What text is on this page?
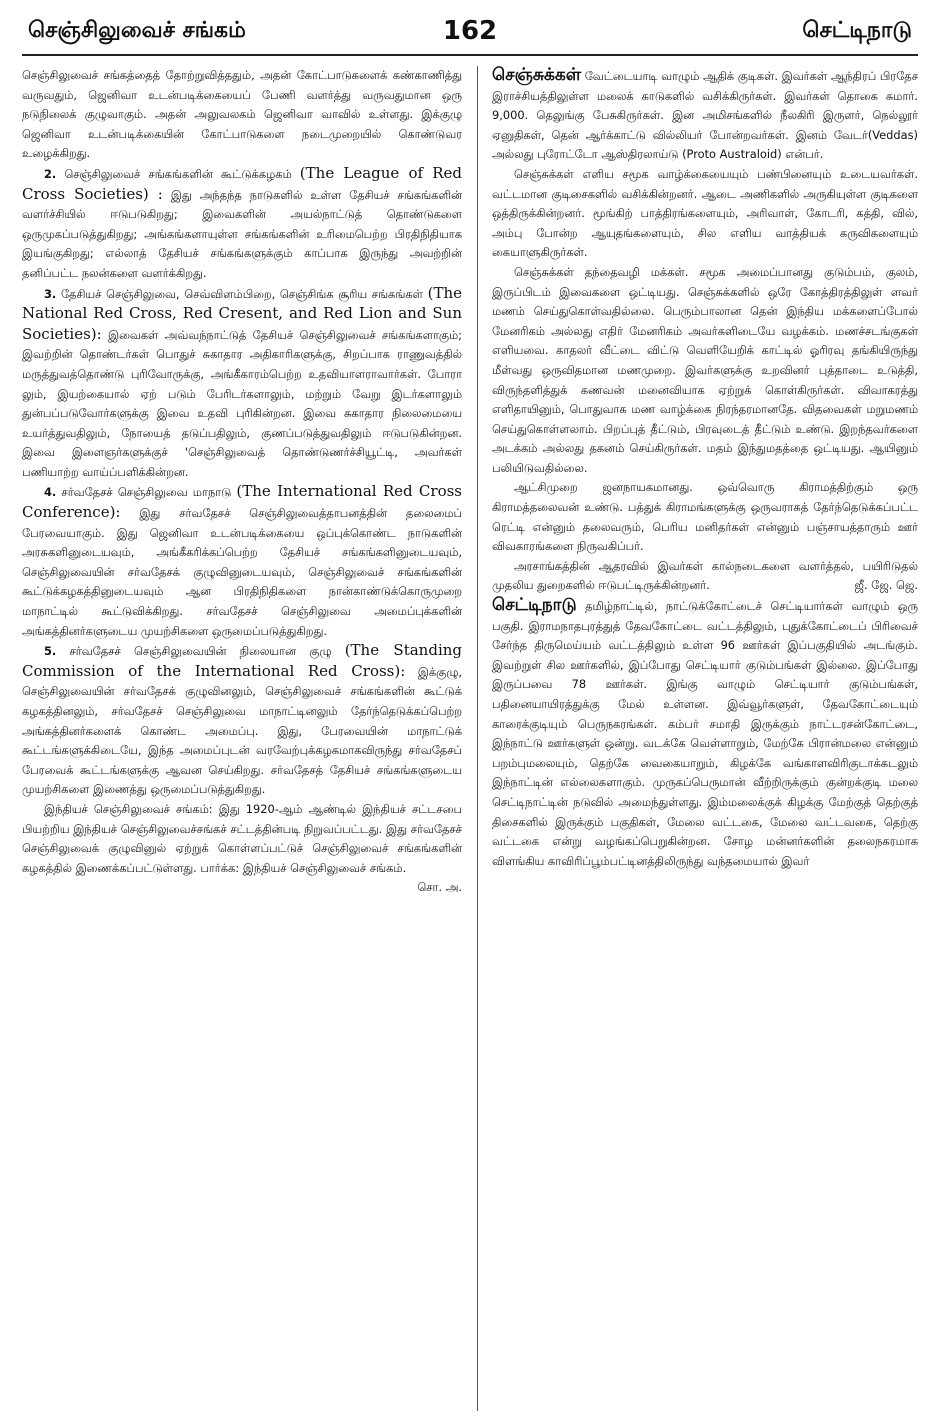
செஞ்சிலுவைச் சங்கம்	162	செட்டிநாடு

செஞ்சிலுவைச் சங்கத்தைத் தோற்றுவித்ததும், அதன் கோட்பாடுகளைக் கண்காணித்து வருவதும், ஜெனிவா உடன்படிக்கையைப் பேணி வளர்த்து வருவதுமான ஒரு நடுநிலைக் குழுவாகும். அதன் அலுவலகம் ஜெனிவா வாவில் உள்ளது. இக்குழு ஜெனிவா உடன்படிக்கையின் கோட்பாடுகளை நடைமுறையில் கொண்டுவர உழைக்கிறது.

2. செஞ்சிலுவைச் சங்கங்களின் கூட்டுக்கழகம் (The League of Red Cross Societies) : இது அந்தந்த நாடுகளில் உள்ள தேசியச் சங்கங்களின் வளர்ச்சியில் ஈடுபடுகிறது; இவைகளின் அயல்நாட்டுத் தொண்டுகளை ஒருமுகப்படுத்துகிறது; அங்கங்களாயுள்ள சங்கங்களின் உரிமைபெற்ற பிரதிநிதியாக இயங்குகிறது; எல்லாத் தேசியச் சங்கங்களுக்கும் காப்பாக இருந்து அவற்றின் தனிப்பட்ட நலன்களை வளர்க்கிறது.

3. தேசியச் செஞ்சிலுவை, செவ்விளம்பிறை, செஞ்சிங்க சூரிய சங்கங்கள் (The National Red Cross, Red Cresent, and Red Lion and Sun Societies): இவைகள் அவ்வந்நாட்டுத் தேசியச் செஞ்சிலுவைச் சங்கங்களாகும்; இவற்றின் தொண்டர்கள் பொதுச் சுகாதார அதிகாரிகளுக்கு, சிறப்பாக ராணுவத்தில் மருத்துவத்தொண்டு புரிவோருக்கு, அங்கீகாரம்பெற்ற உதவியாளராவார்கள். போரா லும், இயற்கையால் ஏற் படும் பேரிடர்களாலும், மற்றும் வேறு இடர்களாலும் துன்பப்படுவோர்களுக்கு இவை உதவி புரிகின்றன. இவை சுகாதார நிலைமையை உயர்த்துவதிலும், நோயைத் தடுப்பதிலும், குணப்படுத்துவதிலும் ஈடுபடுகின்றன. இவை இளைஞர்களுக்குச் 'செஞ்சிலுவைத் தொண்டுணர்ச்சியூட்டி, அவர்கள் பணியாற்ற வாய்ப்பளிக்கின்றன.

4. சர்வதேசச் செஞ்சிலுவை மாநாடு (The International Red Cross Conference): இது சர்வதேசச் செஞ்சிலுவைத்தாபனத்தின் தலைமைப் பேரவையாகும். இது ஜெனிவா உடன்படிக்கையை ஒப்புக்கொண்ட நாடுகளின் அரசுகளினுடையவும், அங்கீகரிக்கப்பெற்ற தேசியச் சங்கங்களினுடையவும், செஞ்சிலுவையின் சர்வதேசக் குழுவினுடையவும், செஞ்சிலுவைச் சங்கங்களின் கூட்டுக்கழகத்தினுடையவும் ஆன பிரதிநிதிகளை நான்காண்டுக்கொருமுறை மாநாட்டில் கூட்டுவிக்கிறது. சர்வதேசச் செஞ்சிலுவை அமைப்புக்களின் அங்கத்தினர்களுடைய முயற்சிகளை ஒருமைப்படுத்துகிறது.

5. சர்வதேசச் செஞ்சிலுவையின் நிலையான குழு (The Standing Commission of the International Red Cross): இக்குழு, செஞ்சிலுவையின் சர்வதேசக் குழுவினலும், செஞ்சிலுவைச் சங்கங்களின் கூட்டுக் கழகத்தினலும், சர்வதேசச் செஞ்சிலுவை மாநாட்டினலும் தேர்ந்தெடுக்கப்பெற்ற அங்கத்தினர்களைக் கொண்ட அமைப்பு. இது, பேரவையின் மாநாட்டுக் கூட்டங்களுக்கிடையே, இந்த அமைப்புடன் வரவேற்புக்கழகமாகவிருந்து சர்வதேசப் பேரவைக் கூட்டங்களுக்கு ஆவன செய்கிறது. சர்வதேசத் தேசியச் சங்கங்களுடைய முயற்சிகளை இணைத்து ஒருமைப்படுத்துகிறது.

இந்தியச் செஞ்சிலுவைச் சங்கம்: இது 1920-ஆம் ஆண்டில் இந்தியச் சட்டசபை பியற்றிய இந்தியச் செஞ்சிலுவைச்சங்கச் சட்டத்தின்படி நிறுவப்பட்டது. இது சர்வதேசச் செஞ்சிலுவைக் குழுவினுல் ஏற்றுக் கொள்ளப்பட்டுச் செஞ்சிலுவைச் சங்கங்களின் கழகத்தில் இணைக்கப்பட்டுள்ளது. பார்க்க: இந்தியச் செஞ்சிலுவைச் சங்கம்.
சொ. அ.

செஞ்சுக்கள் வேட்டையாடி வாழும் ஆதிக் குடிகள். இவர்கள் ஆந்திரப் பிரதேச இராச்சியத்திலுள்ள மலைக் காடுகளில் வசிக்கிருர்கள். இவர்கள் தொகை சுமார். 9,000. தெலுங்கு பேசுகிருர்கள். இன அமிசங்களில் நீலகிரி இருளர், நெல்லூர் ஏனுதிகள், தென் ஆர்க்காட்டு வில்லியர் போன்றவர்கள். இனம் வேடர்(Veddas) அல்லது புரோட்டோ ஆஸ்திரலாய்டு (Proto Australoid) என்பர்.

செஞ்சுக்கள் எளிய சமூக வாழ்க்கையையும் பண்பினையும் உடையவர்கள். வட்டமான குடிசைகளில் வசிக்கின்றனர். ஆடை அணிகளில் அருகியுள்ள குடிகளை ஒத்திருக்கின்றனர். மூங்கிற் பாத்திரங்களையும், அரிவாள், கோடரி, கத்தி, வில், அம்பு போன்ற ஆயுதங்களையும், சில எளிய வாத்தியக் கருவிகளையும் கையாளுகிருர்கள்.

செஞ்சுக்கள் தந்தைவழி மக்கள். சமூக அமைப்பானது குடும்பம், குலம், இருப்பிடம் இவைகளை ஒட்டியது. செஞ்சுக்களில் ஒரே கோத்திரத்திலுள் ளவர் மணம் செய்துகொள்வதில்லை. பெரும்பாலான தென் இந்திய மக்களைப்போல் மேனரிகம் அல்லது எதிர் மேனரிகம் அவர்களிடையே வழக்கம். மணச்சடங்குகள் எளியவை. காதலர் வீட்டை விட்டு வெளியேறிக் காட்டில் ஓரிரவு தங்கியிருந்து மீள்வது ஒருவிதமான மணமுறை. இவர்களுக்கு உறவினர் புத்தாடை உடுத்தி, விருந்தளித்துக் கணவன் மனைவியாக ஏற்றுக் கொள்கிருர்கள். விவாகரத்து எளிதாயினும், பொதுவாக மண வாழ்க்கை நிரந்தரமானதே. விதவைகள் மறுமணம் செய்துகொள்ளலாம். பிறப்புத் தீட்டும், பிரவுடைத் தீட்டும் உண்டு. இறந்தவர்களை அடக்கம் அல்லது தகனம் செய்கிருர்கள். மதம் இந்துமதத்தை ஒட்டியது. ஆயினும் பலியிடுவதில்லை.

ஆட்சிமுறை ஜனநாயகமானது. ஒவ்வொரு கிராமத்திற்கும் ஒரு கிராமத்தலைவன் உண்டு. பத்துக் கிராமங்களுக்கு ஒருவராகத் தேர்ந்தெடுக்கப்பட்ட ரெட்டி என்னும் தலைவரும், பெரிய மனிதர்கள் என்னும் பஞ்சாயத்தாரும் ஊர் விவகாரங்களை நிருவகிப்பர்.

அரசாங்கத்தின் ஆதரவில் இவர்கள் கால்நடைகளை வளர்த்தல், பயிரிடுதல் முதலிய துறைகளில் ஈடுபட்டிருக்கின்றனர்.	ஜீ. ஜே. ஜெ.

செட்டிநாடு தமிழ்நாட்டில், நாட்டுக்கோட்டைச் செட்டியார்கள் வாழும் ஒரு பகுதி. இராமநாதபுரத்துத் தேவகோட்டை வட்டத்திலும், புதுக்கோட்டைப் பிரிவைச் சேர்ந்த திருமெய்யம் வட்டத்திலும் உள்ள 96 ஊர்கள் இப்பகுதியில் அடங்கும். இவற்றுள் சில ஊர்களில், இப்போது செட்டியார் குடும்பங்கள் இல்லை. இப்போது இருப்பவை 78 ஊர்கள். இங்கு வாழும் செட்டியார் குடும்பங்கள், பதினையாயிரத்துக்கு மேல் உள்ளன. இவ்வூர்களுள், தேவகோட்டையும் காரைக்குடியும் பெருநகரங்கள். கம்பர் சமாதி இருக்கும் நாட்டரசன்கோட்டை, இந்நாட்டு ஊர்களுள் ஒன்று. வடக்கே வெள்ளாறும், மேற்கே பிரான்மலை என்னும் பறம்புமலையும், தெற்கே வைகையாறும், கிழக்கே வங்காளவிரிகுடாக்கடலும் இந்நாட்டின் எல்லைகளாகும். முருகப்பெருமான் வீற்றிருக்கும் குன்றக்குடி மலை செட்டிநாட்டின் நடுவில் அமைந்துள்ளது. இம்மலைக்குக் கிழக்கு மேற்குத் தெற்குத் திசைகளில் இருக்கும் பகுதிகள், மேலை வட்டகை, மேலை வட்டவகை, தெற்கு வட்டகை என்று வழங்கப்பெறுகின்றன. சோழ மன்னர்களின் தலைநகரமாக விளங்கிய காவிரிப்பூம்பட்டினத்திலிருந்து வந்தமையால் இவர்
